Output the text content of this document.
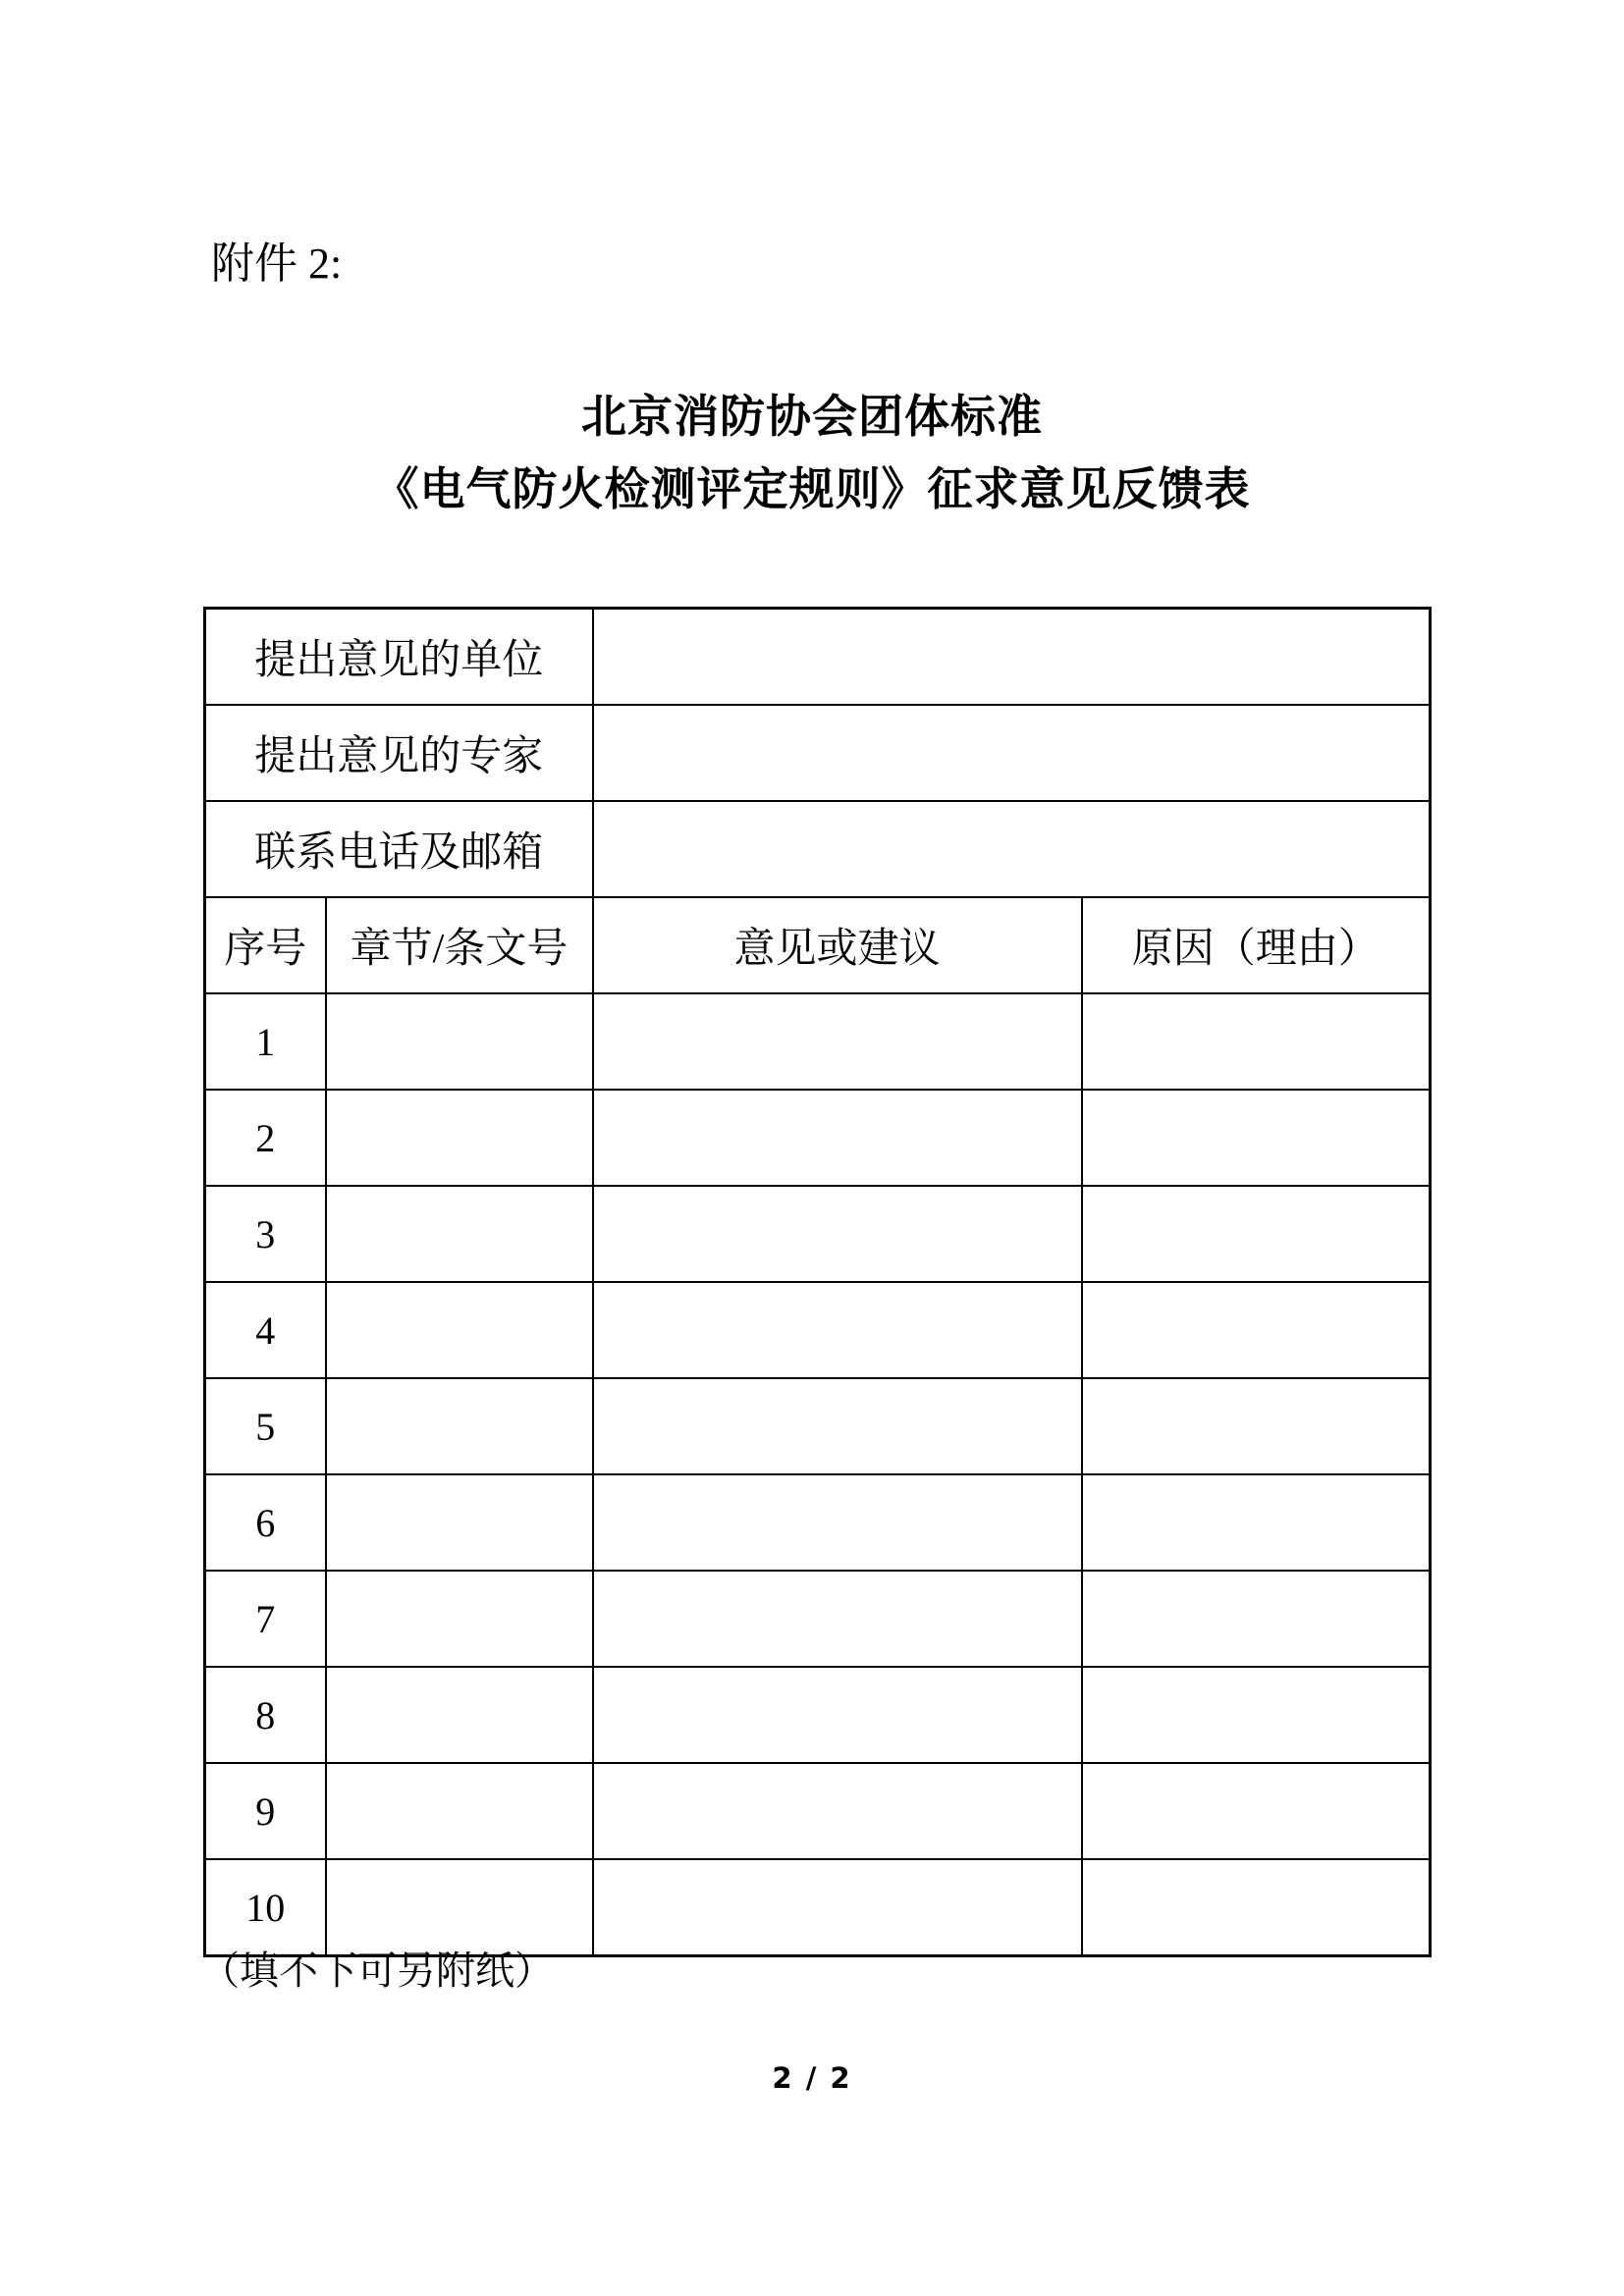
附件 2:
北京消防协会团体标准
《电气防火检测评定规则》征求意见反馈表
提出意见的单位			
提出意见的专家			
联系电话及邮箱			
序号	章节/条文号	意见或建议	原因（理由）
1			
2			
3			
4			
5			
6			
7			
8			
9			
10			
（填不下可另附纸）
2 / 2
